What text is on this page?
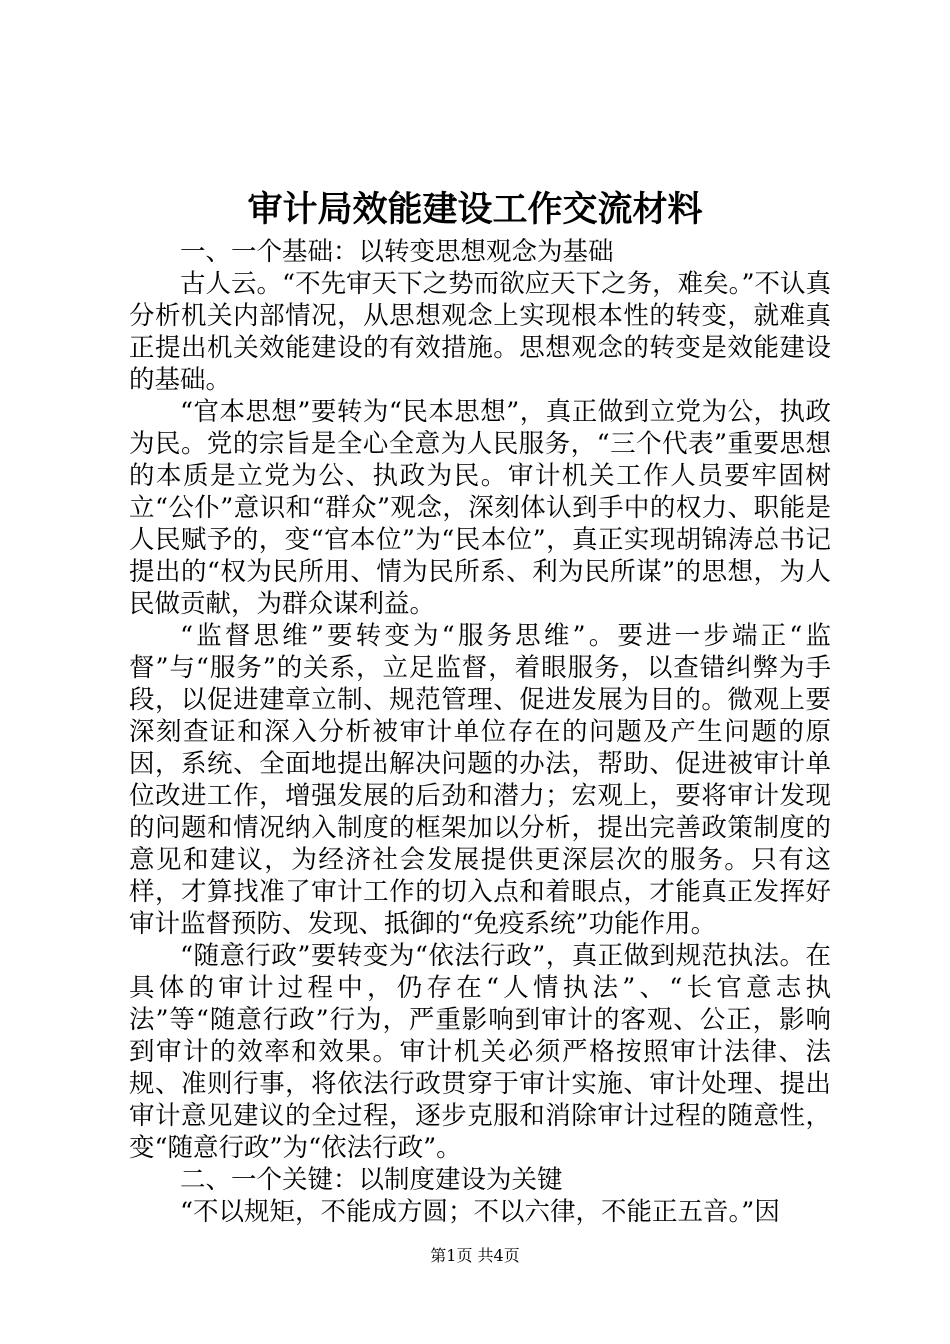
审计局效能建设工作交流材料

一、一个基础：以转变思想观念为基础

古人云。“不先审天下之势而欲应天下之务，难矣。”不认真分析机关内部情况，从思想观念上实现根本性的转变，就难真正提出机关效能建设的有效措施。思想观念的转变是效能建设的基础。

“官本思想”要转为“民本思想”，真正做到立党为公，执政为民。党的宗旨是全心全意为人民服务，“三个代表”重要思想的本质是立党为公、执政为民。审计机关工作人员要牢固树立“公仆”意识和“群众”观念，深刻体认到手中的权力、职能是人民赋予的，变“官本位”为“民本位”，真正实现胡锦涛总书记提出的“权为民所用、情为民所系、利为民所谋”的思想，为人民做贡献，为群众谋利益。

“监督思维”要转变为“服务思维”。要进一步端正“监督”与“服务”的关系，立足监督，着眼服务，以查错纠弊为手段，以促进建章立制、规范管理、促进发展为目的。微观上要深刻查证和深入分析被审计单位存在的问题及产生问题的原因，系统、全面地提出解决问题的办法，帮助、促进被审计单位改进工作，增强发展的后劲和潜力；宏观上，要将审计发现的问题和情况纳入制度的框架加以分析，提出完善政策制度的意见和建议，为经济社会发展提供更深层次的服务。只有这样，才算找准了审计工作的切入点和着眼点，才能真正发挥好审计监督预防、发现、抵御的“免疫系统”功能作用。

“随意行政”要转变为“依法行政”，真正做到规范执法。在具体的审计过程中，仍存在“人情执法”、“长官意志执法”等“随意行政”行为，严重影响到审计的客观、公正，影响到审计的效率和效果。审计机关必须严格按照审计法律、法规、准则行事，将依法行政贯穿于审计实施、审计处理、提出审计意见建议的全过程，逐步克服和消除审计过程的随意性，变“随意行政”为“依法行政”。

二、一个关键：以制度建设为关键

“不以规矩，不能成方圆；不以六律，不能正五音。”因

第1页 共4页
